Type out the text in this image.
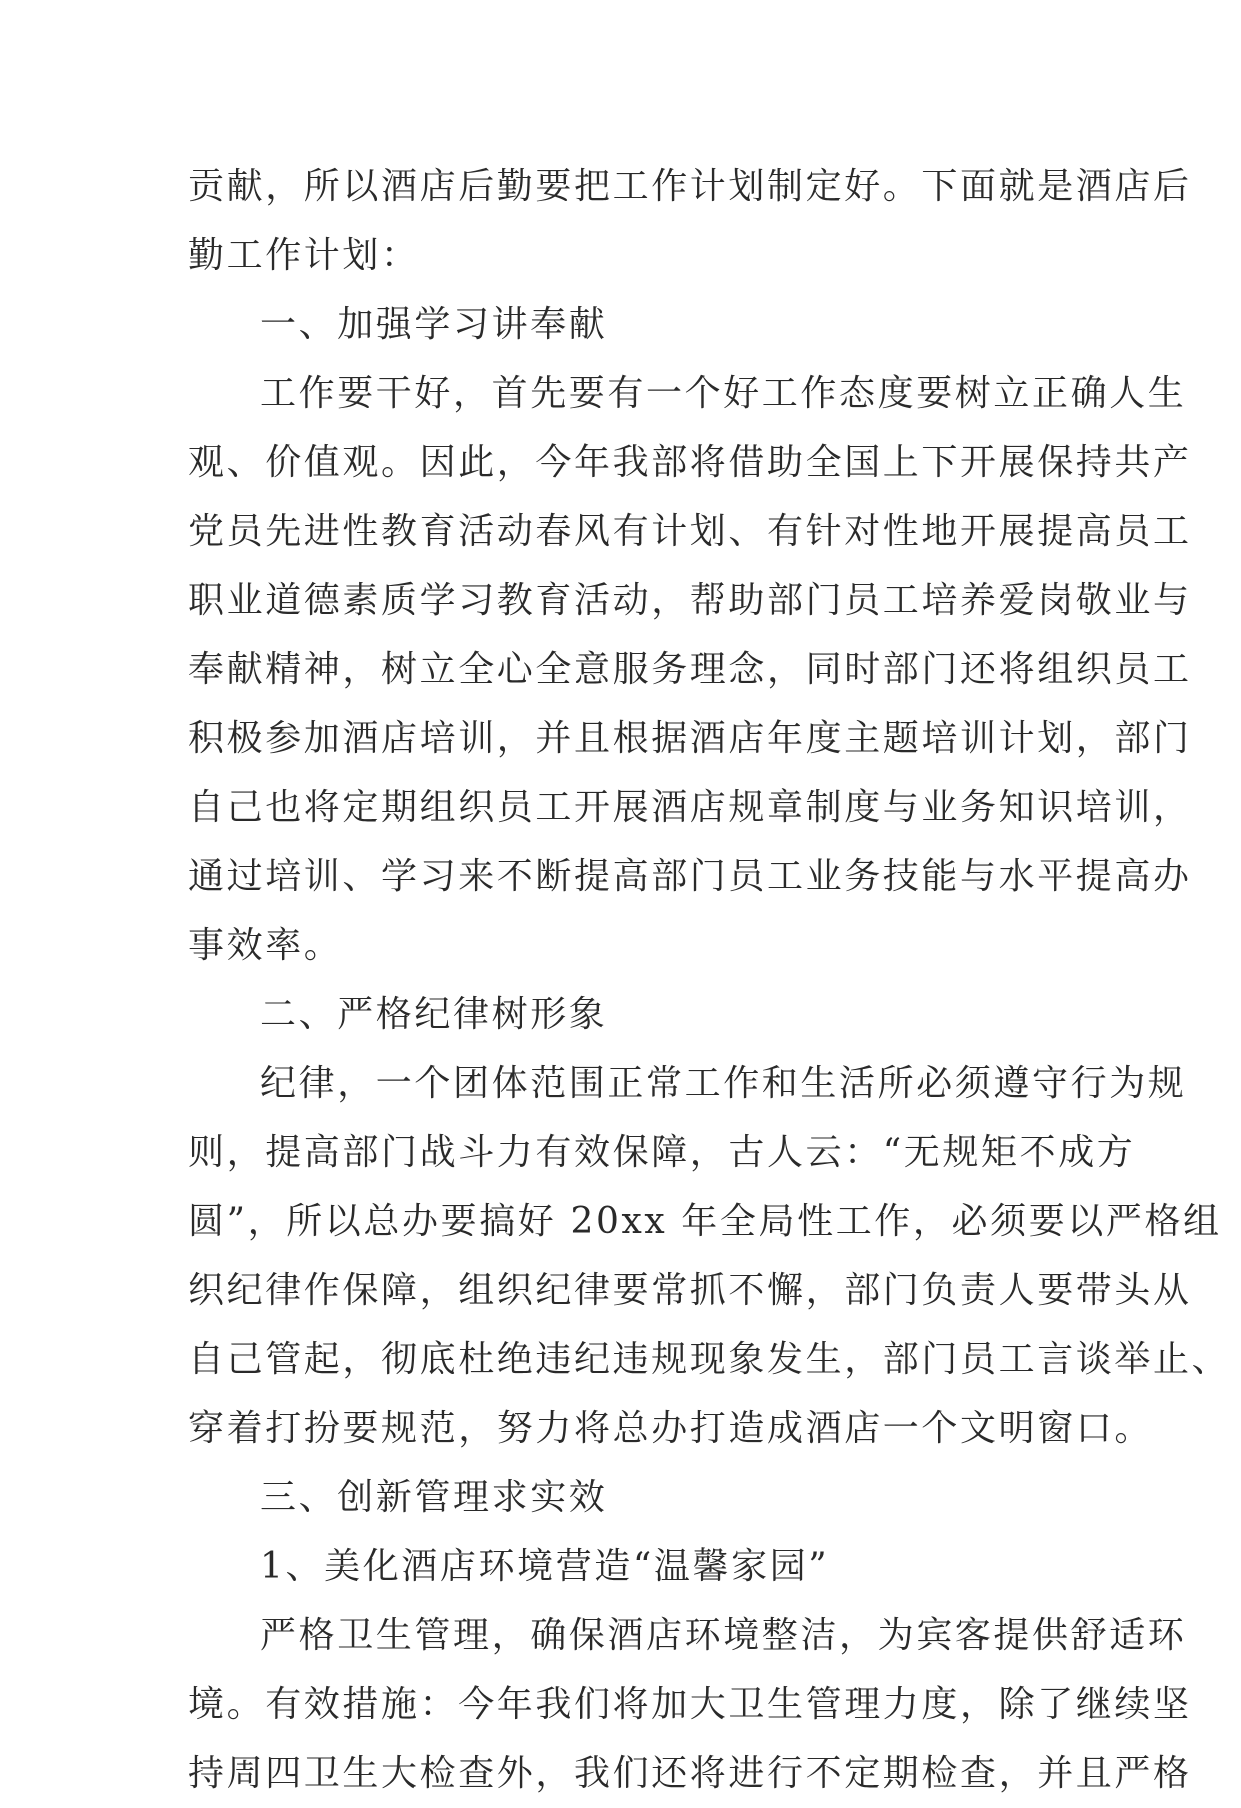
贡献，所以酒店后勤要把工作计划制定好。下面就是酒店后
勤工作计划：
一、加强学习讲奉献
工作要干好，首先要有一个好工作态度要树立正确人生
观、价值观。因此，今年我部将借助全国上下开展保持共产
党员先进性教育活动春风有计划、有针对性地开展提高员工
职业道德素质学习教育活动，帮助部门员工培养爱岗敬业与
奉献精神，树立全心全意服务理念，同时部门还将组织员工
积极参加酒店培训，并且根据酒店年度主题培训计划，部门
自己也将定期组织员工开展酒店规章制度与业务知识培训，
通过培训、学习来不断提高部门员工业务技能与水平提高办
事效率。
二、严格纪律树形象
纪律，一个团体范围正常工作和生活所必须遵守行为规
则，提高部门战斗力有效保障，古人云：“无规矩不成方
圆”，所以总办要搞好 20xx 年全局性工作，必须要以严格组
织纪律作保障，组织纪律要常抓不懈，部门负责人要带头从
自己管起，彻底杜绝违纪违规现象发生，部门员工言谈举止、
穿着打扮要规范，努力将总办打造成酒店一个文明窗口。
三、创新管理求实效
1、美化酒店环境营造“温馨家园”
严格卫生管理，确保酒店环境整洁，为宾客提供舒适环
境。有效措施：今年我们将加大卫生管理力度，除了继续坚
持周四卫生大检查外，我们还将进行不定期检查，并且严格
